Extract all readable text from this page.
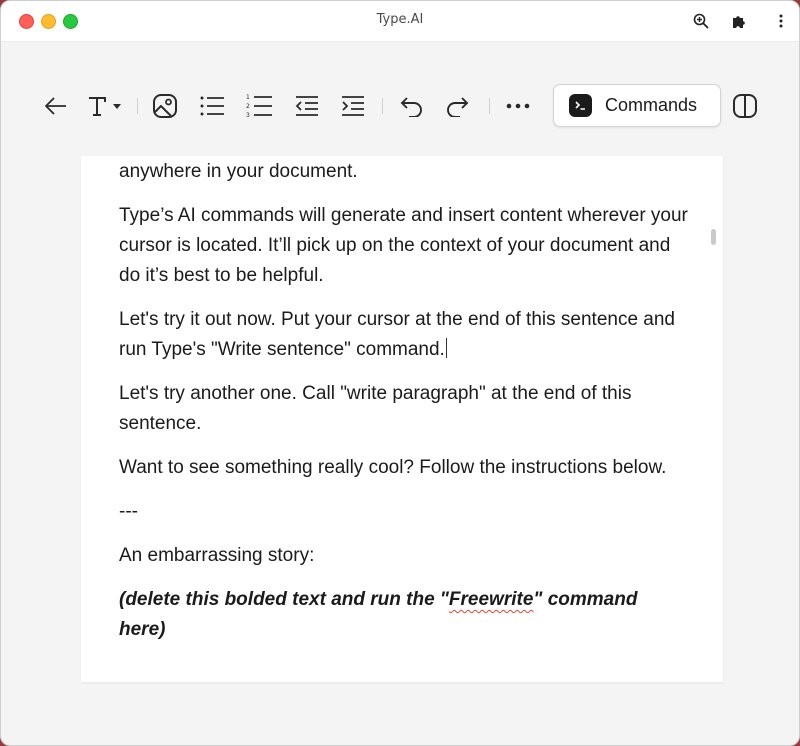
Type.AI
1
2
3
Commands

anywhere in your document.

Type’s AI commands will generate and insert content wherever your cursor is located. It’ll pick up on the context of your document and do it’s best to be helpful.

Let's try it out now. Put your cursor at the end of this sentence and run Type's "Write sentence" command.

Let's try another one. Call "write paragraph" at the end of this sentence.

Want to see something really cool? Follow the instructions below.

---

An embarrassing story:

(delete this bolded text and run the "Freewrite" command here)
